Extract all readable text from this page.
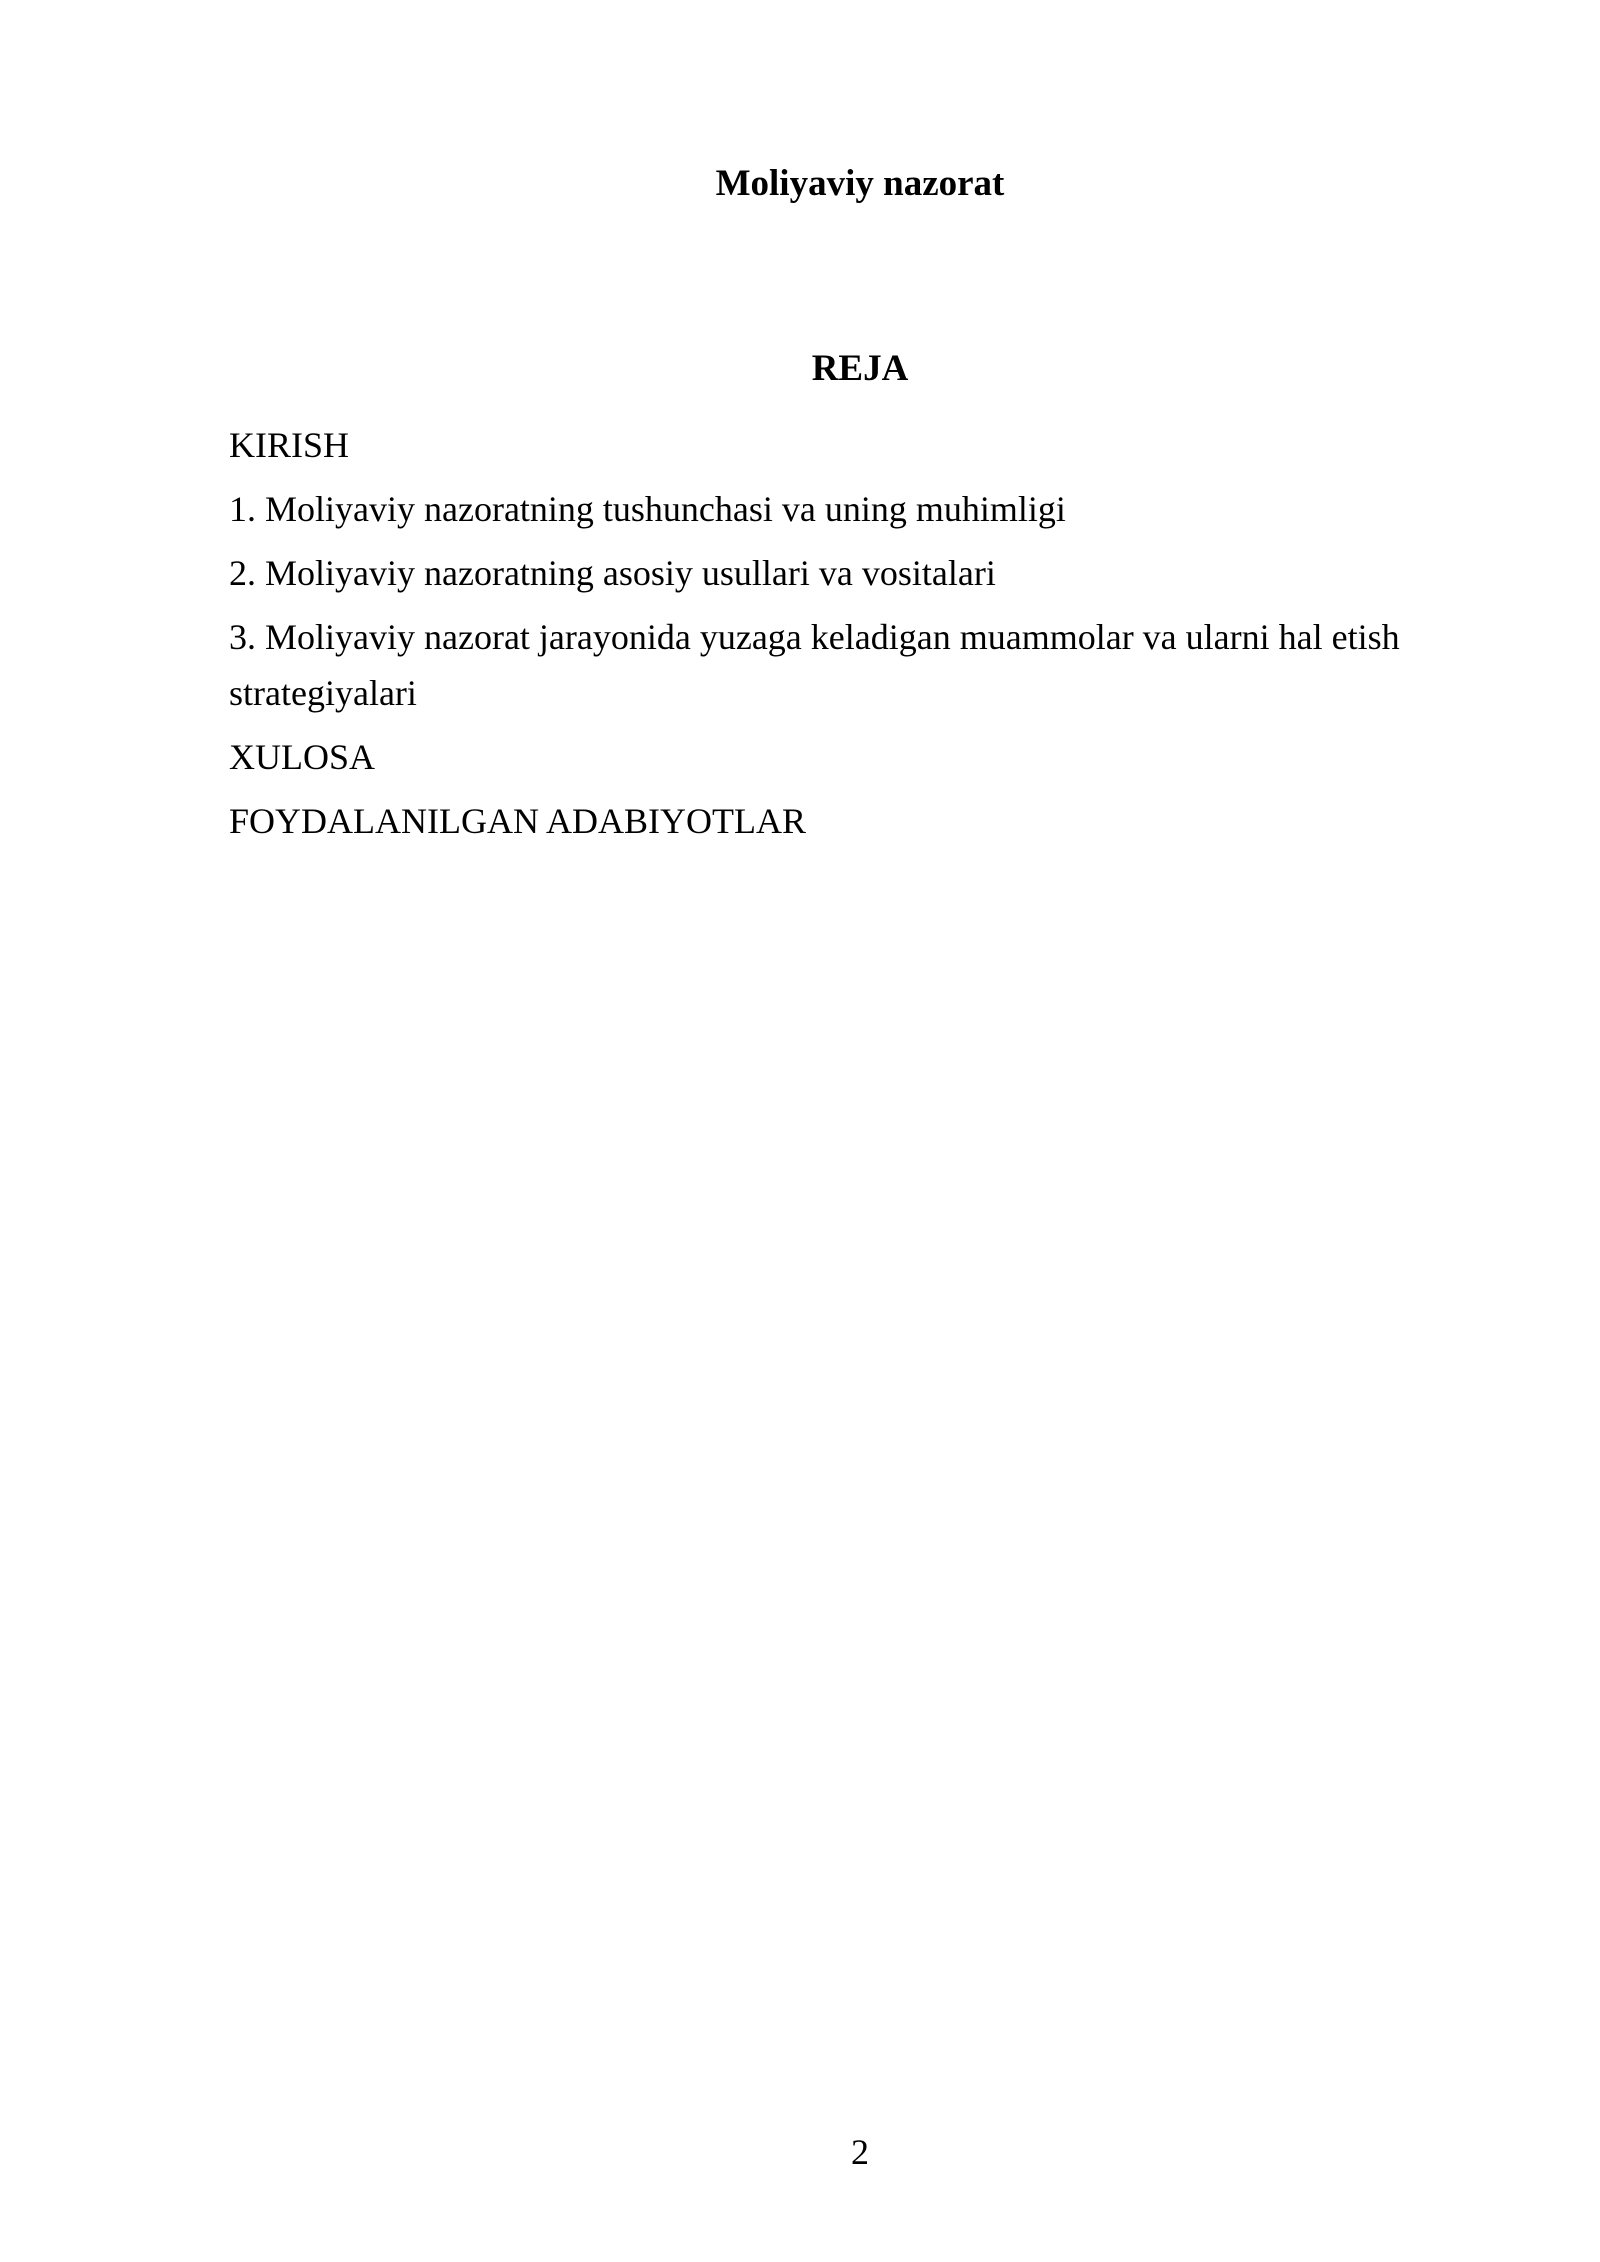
Moliyaviy nazorat
REJA
KIRISH
1. Moliyaviy nazoratning tushunchasi va uning muhimligi
2. Moliyaviy nazoratning asosiy usullari va vositalari
3. Moliyaviy nazorat jarayonida yuzaga keladigan muammolar va ularni hal etish strategiyalari
XULOSA
FOYDALANILGAN ADABIYOTLAR
2
